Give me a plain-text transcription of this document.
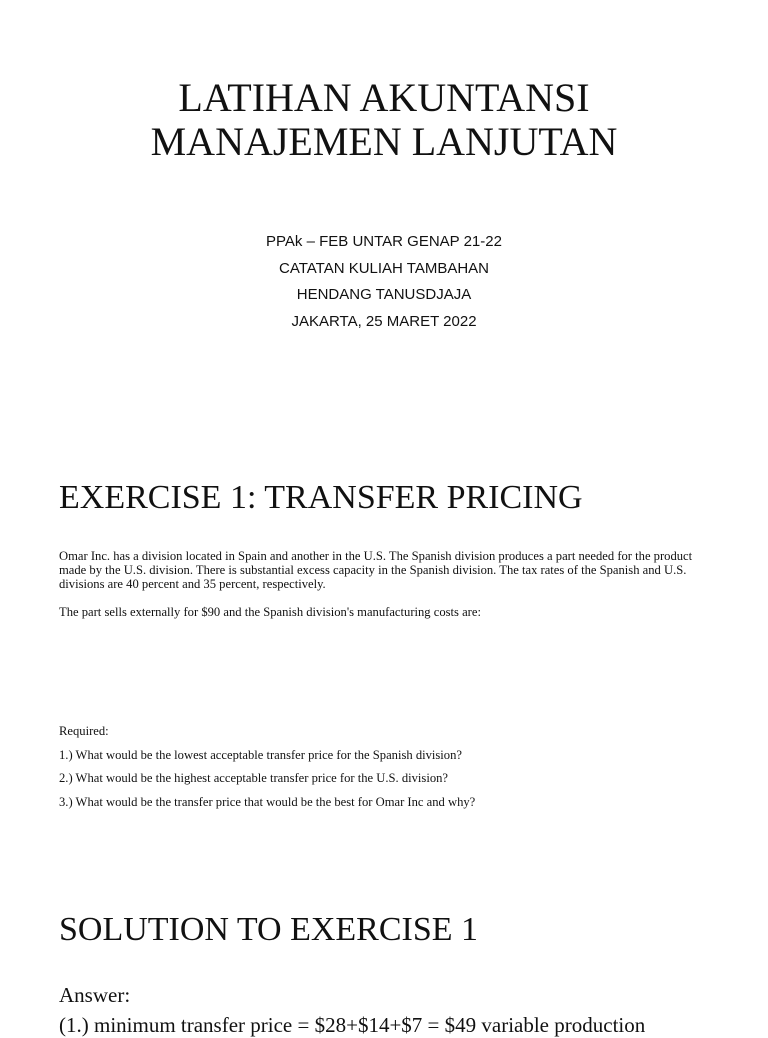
LATIHAN AKUNTANSI
MANAJEMEN LANJUTAN
PPAk – FEB UNTAR GENAP 21-22
CATATAN KULIAH TAMBAHAN
HENDANG TANUSDJAJA
JAKARTA, 25 MARET 2022
EXERCISE 1: TRANSFER PRICING
Omar Inc. has a division located in Spain and another in the U.S. The Spanish division produces a part needed for the product made by the U.S. division. There is substantial excess capacity in the Spanish division. The tax rates of the Spanish and U.S. divisions are 40 percent and 35 percent, respectively.
The part sells externally for $90 and the Spanish division's manufacturing costs are:
Required:
1.) What would be the lowest acceptable transfer price for the Spanish division?
2.) What would be the highest acceptable transfer price for the U.S. division?
3.) What would be the transfer price that would be the best for Omar Inc and why?
SOLUTION TO EXERCISE 1
Answer:
(1.) minimum transfer price = $28+$14+$7 = $49 variable production
